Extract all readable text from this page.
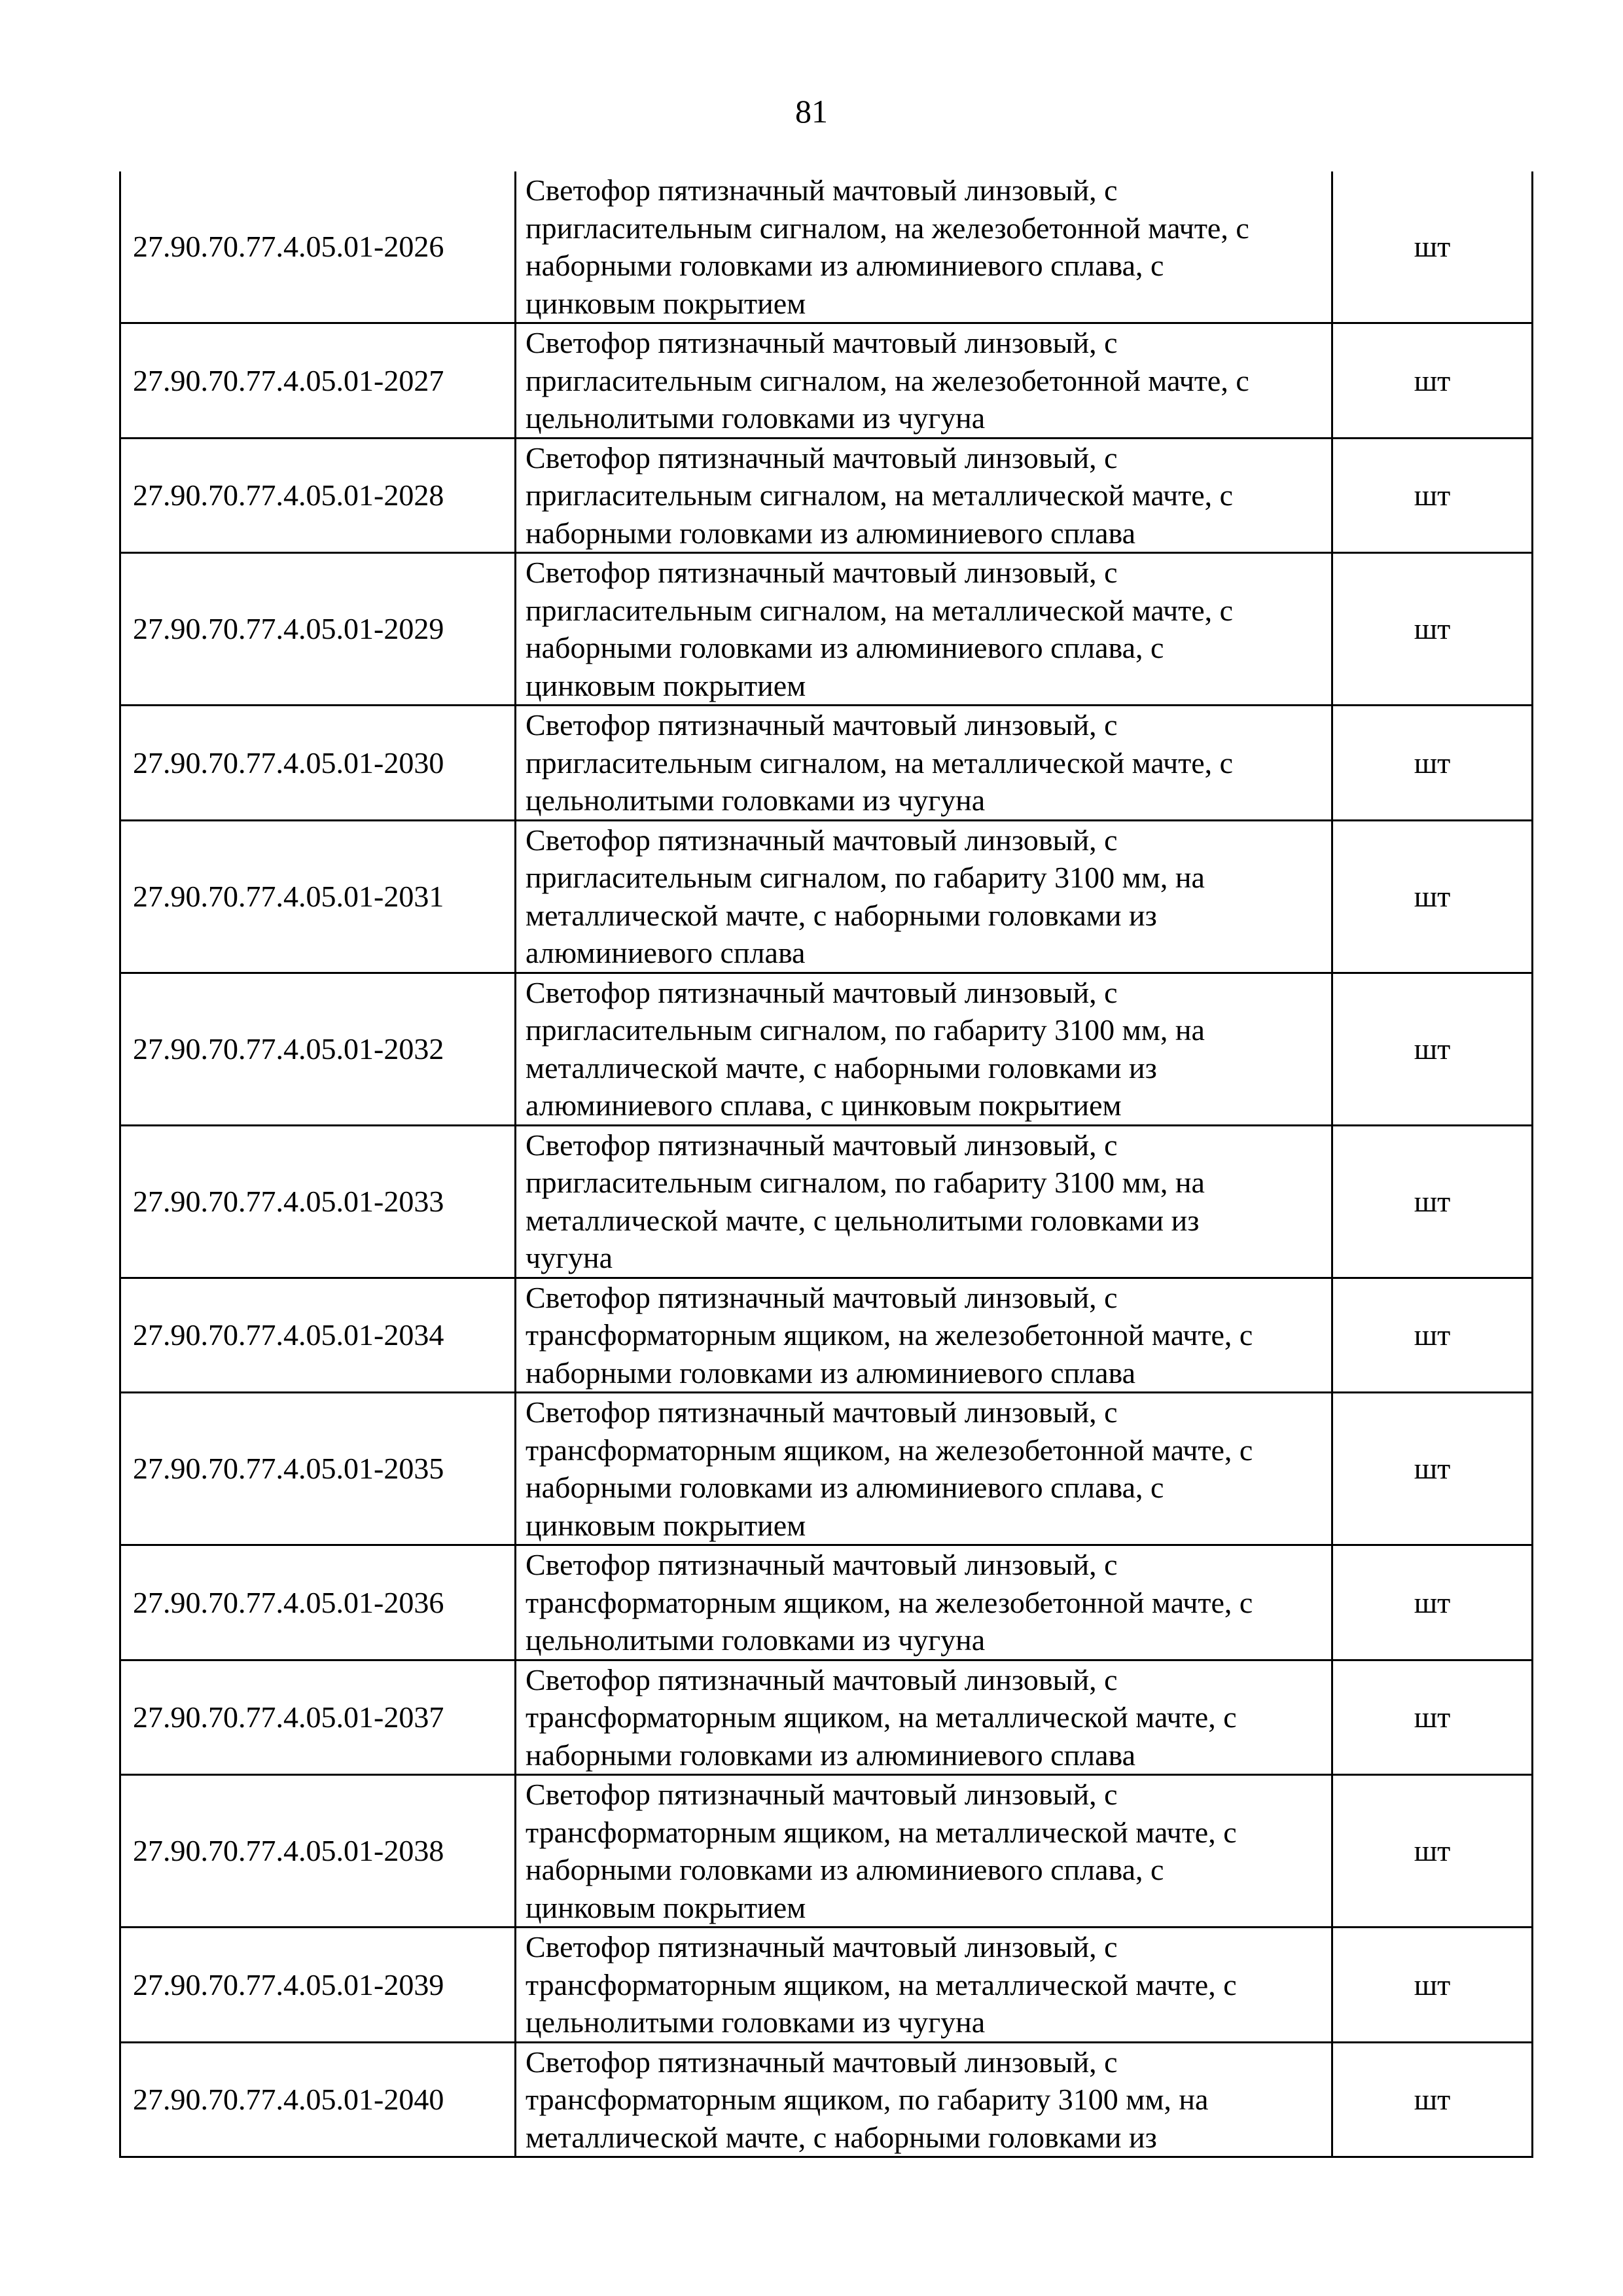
81
27.90.70.77.4.05.01-2026	Светофор пятизначный мачтовый линзовый, с
пригласительным сигналом, на железобетонной мачте, с
наборными головками из алюминиевого сплава, с
цинковым покрытием	шт
27.90.70.77.4.05.01-2027	Светофор пятизначный мачтовый линзовый, с
пригласительным сигналом, на железобетонной мачте, с
цельнолитыми головками из чугуна	шт
27.90.70.77.4.05.01-2028	Светофор пятизначный мачтовый линзовый, с
пригласительным сигналом, на металлической мачте, с
наборными головками из алюминиевого сплава	шт
27.90.70.77.4.05.01-2029	Светофор пятизначный мачтовый линзовый, с
пригласительным сигналом, на металлической мачте, с
наборными головками из алюминиевого сплава, с
цинковым покрытием	шт
27.90.70.77.4.05.01-2030	Светофор пятизначный мачтовый линзовый, с
пригласительным сигналом, на металлической мачте, с
цельнолитыми головками из чугуна	шт
27.90.70.77.4.05.01-2031	Светофор пятизначный мачтовый линзовый, с
пригласительным сигналом, по габариту 3100 мм, на
металлической мачте, с наборными головками из
алюминиевого сплава	шт
27.90.70.77.4.05.01-2032	Светофор пятизначный мачтовый линзовый, с
пригласительным сигналом, по габариту 3100 мм, на
металлической мачте, с наборными головками из
алюминиевого сплава, с цинковым покрытием	шт
27.90.70.77.4.05.01-2033	Светофор пятизначный мачтовый линзовый, с
пригласительным сигналом, по габариту 3100 мм, на
металлической мачте, с цельнолитыми головками из
чугуна	шт
27.90.70.77.4.05.01-2034	Светофор пятизначный мачтовый линзовый, с
трансформаторным ящиком, на железобетонной мачте, с
наборными головками из алюминиевого сплава	шт
27.90.70.77.4.05.01-2035	Светофор пятизначный мачтовый линзовый, с
трансформаторным ящиком, на железобетонной мачте, с
наборными головками из алюминиевого сплава, с
цинковым покрытием	шт
27.90.70.77.4.05.01-2036	Светофор пятизначный мачтовый линзовый, с
трансформаторным ящиком, на железобетонной мачте, с
цельнолитыми головками из чугуна	шт
27.90.70.77.4.05.01-2037	Светофор пятизначный мачтовый линзовый, с
трансформаторным ящиком, на металлической мачте, с
наборными головками из алюминиевого сплава	шт
27.90.70.77.4.05.01-2038	Светофор пятизначный мачтовый линзовый, с
трансформаторным ящиком, на металлической мачте, с
наборными головками из алюминиевого сплава, с
цинковым покрытием	шт
27.90.70.77.4.05.01-2039	Светофор пятизначный мачтовый линзовый, с
трансформаторным ящиком, на металлической мачте, с
цельнолитыми головками из чугуна	шт
27.90.70.77.4.05.01-2040	Светофор пятизначный мачтовый линзовый, с
трансформаторным ящиком, по габариту 3100 мм, на
металлической мачте, с наборными головками из	шт
